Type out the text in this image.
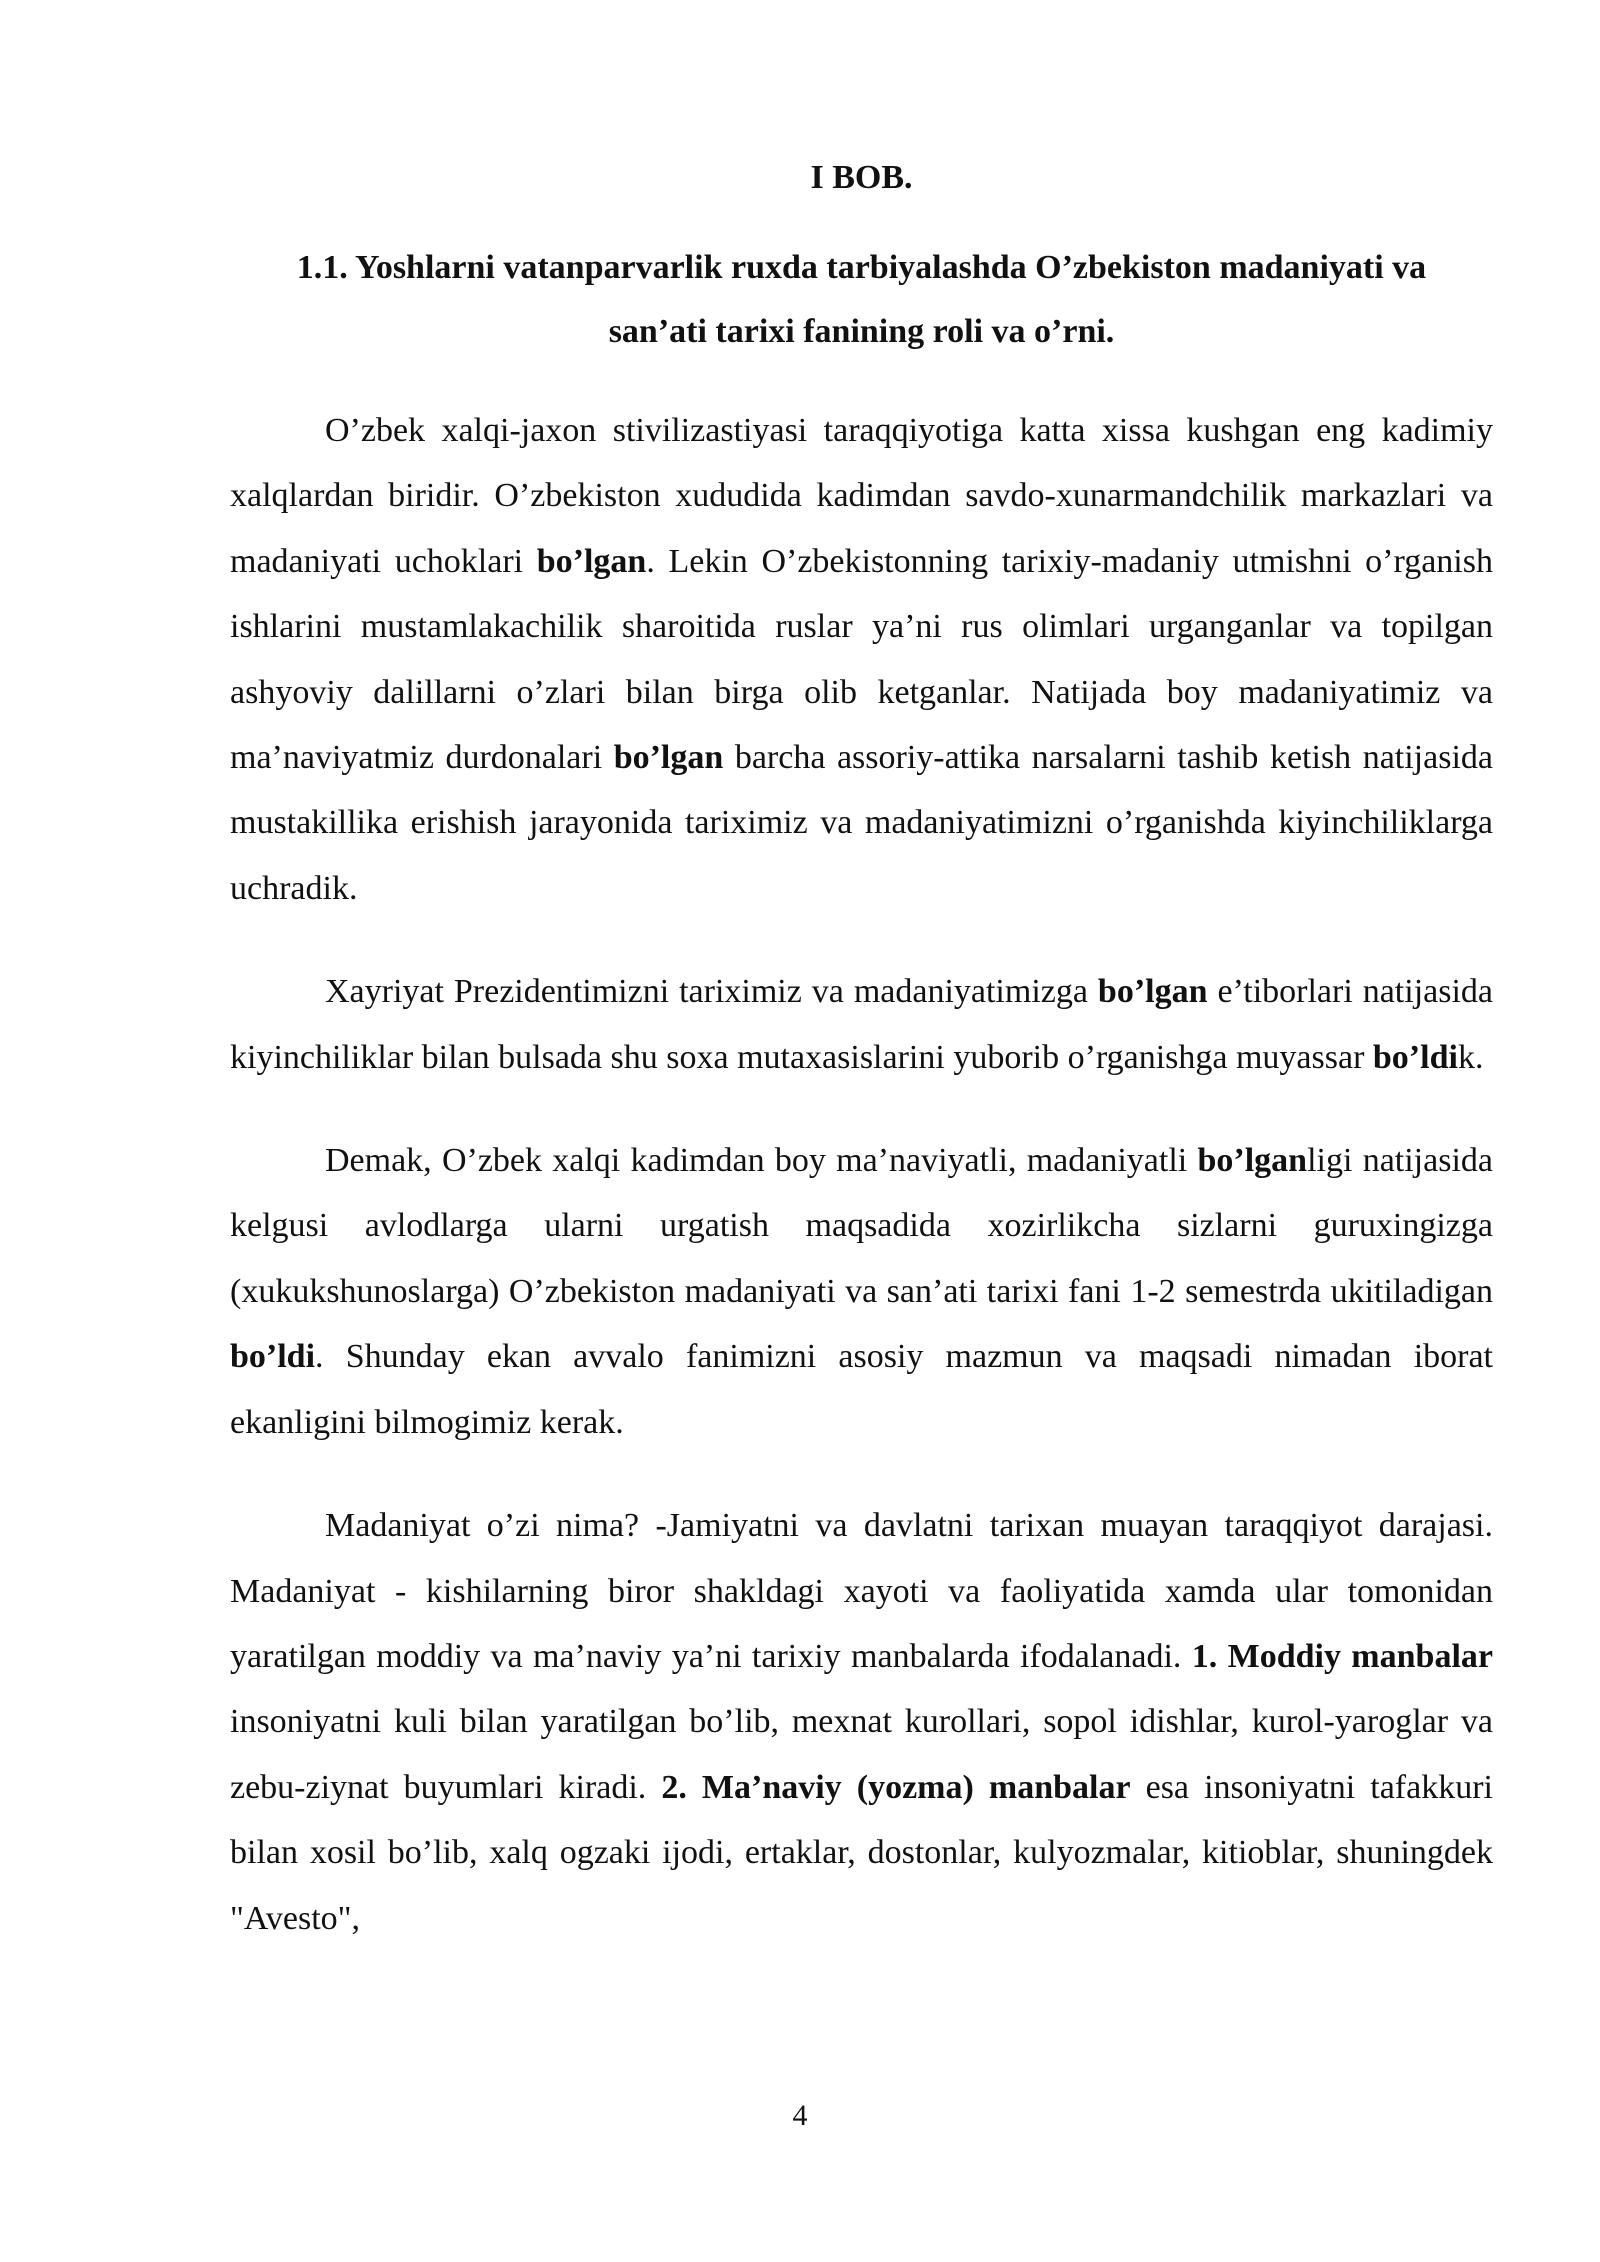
I BOB.
1.1. Yoshlarni vatanparvarlik ruxda tarbiyalashda O’zbekiston madaniyati va
san’ati tarixi fanining roli va o’rni.

O’zbek xalqi-jaxon stivilizastiyasi taraqqiyotiga katta xissa kushgan eng kadimiy xalqlardan biridir. O’zbekiston xududida kadimdan savdo-xunarmandchilik markazlari va madaniyati uchoklari bo’lgan. Lekin O’zbekistonning tarixiy-madaniy utmishni o’rganish ishlarini mustamlakachilik sharoitida ruslar ya’ni rus olimlari urganganlar va topilgan ashyoviy dalillarni o’zlari bilan birga olib ketganlar. Natijada boy madaniyatimiz va ma’naviyatmiz durdonalari bo’lgan barcha assoriy-attika narsalarni tashib ketish natijasida mustakillika erishish jarayonida tariximiz va madaniyatimizni o’rganishda kiyinchiliklarga uchradik.

Xayriyat Prezidentimizni tariximiz va madaniyatimizga bo’lgan e’tiborlari natijasida kiyinchiliklar bilan bulsada shu soxa mutaxasislarini yuborib o’rganishga muyassar bo’ldik.

Demak, O’zbek xalqi kadimdan boy ma’naviyatli, madaniyatli bo’lganligi natijasida kelgusi avlodlarga ularni urgatish maqsadida xozirlikcha sizlarni guruxingizga (xukukshunoslarga) O’zbekiston madaniyati va san’ati tarixi fani 1-2 semestrda ukitiladigan bo’ldi. Shunday ekan avvalo fanimizni asosiy mazmun va maqsadi nimadan iborat ekanligini bilmogimiz kerak.

Madaniyat o’zi nima? -Jamiyatni va davlatni tarixan muayan taraqqiyot darajasi. Madaniyat - kishilarning biror shakldagi xayoti va faoliyatida xamda ular tomonidan yaratilgan moddiy va ma’naviy ya’ni tarixiy manbalarda ifodalanadi. 1. Moddiy manbalar insoniyatni kuli bilan yaratilgan bo’lib, mexnat kurollari, sopol idishlar, kurol-yaroglar va zebu-ziynat buyumlari kiradi. 2. Ma’naviy (yozma) manbalar esa insoniyatni tafakkuri bilan xosil bo’lib, xalq ogzaki ijodi, ertaklar, dostonlar, kulyozmalar, kitioblar, shuningdek "Avesto",

4
